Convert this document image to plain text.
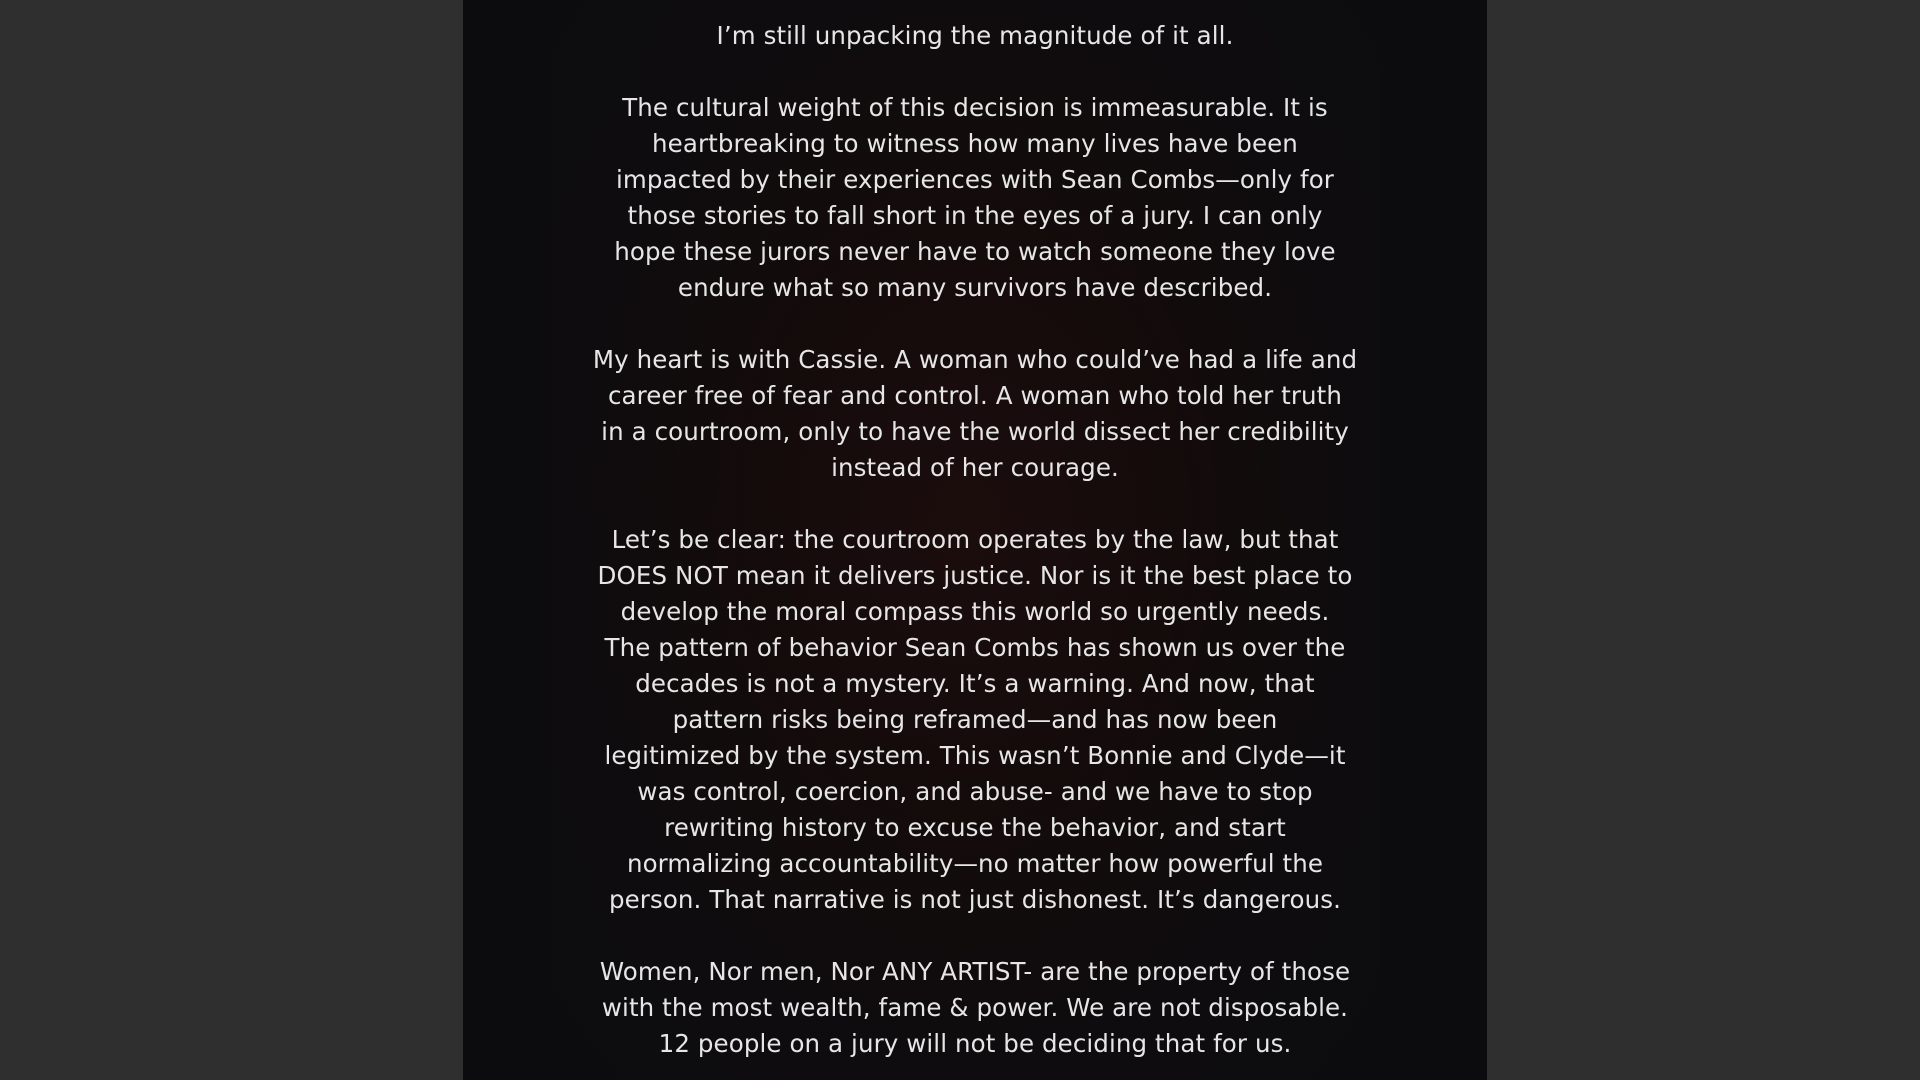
I’m still unpacking the magnitude of it all.

The cultural weight of this decision is immeasurable. It is
heartbreaking to witness how many lives have been
impacted by their experiences with Sean Combs—only for
those stories to fall short in the eyes of a jury. I can only
hope these jurors never have to watch someone they love
endure what so many survivors have described.

My heart is with Cassie. A woman who could’ve had a life and
career free of fear and control. A woman who told her truth
in a courtroom, only to have the world dissect her credibility
instead of her courage.

Let’s be clear: the courtroom operates by the law, but that
DOES NOT mean it delivers justice. Nor is it the best place to
develop the moral compass this world so urgently needs.
The pattern of behavior Sean Combs has shown us over the
decades is not a mystery. It’s a warning. And now, that
pattern risks being reframed—and has now been
legitimized by the system. This wasn’t Bonnie and Clyde—it
was control, coercion, and abuse- and we have to stop
rewriting history to excuse the behavior, and start
normalizing accountability—no matter how powerful the
person. That narrative is not just dishonest. It’s dangerous.

Women, Nor men, Nor ANY ARTIST- are the property of those
with the most wealth, fame & power. We are not disposable.
12 people on a jury will not be deciding that for us.
